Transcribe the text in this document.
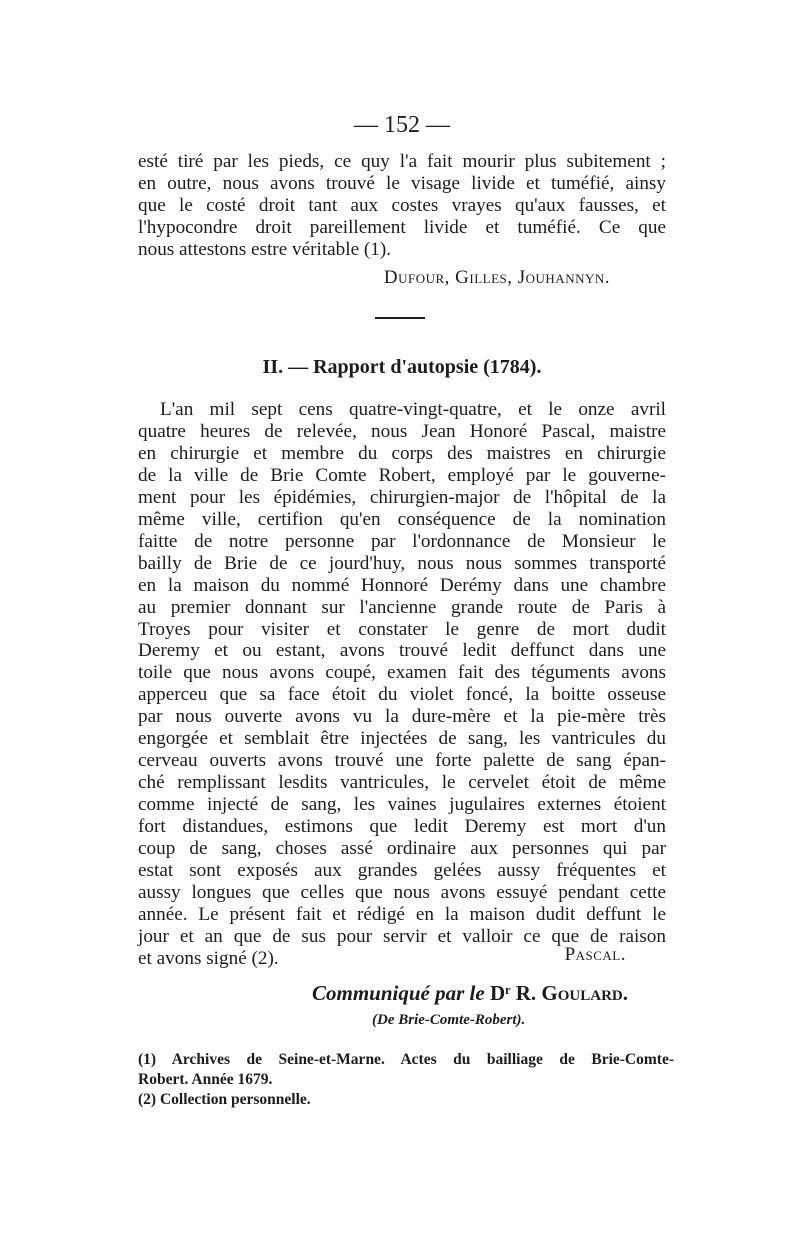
— 152 —

esté tiré par les pieds, ce quy l'a fait mourir plus subitement ;
en outre, nous avons trouvé le visage livide et tuméfié, ainsy
que le costé droit tant aux costes vrayes qu'aux fausses, et
l'hypocondre droit pareillement livide et tuméfié. Ce que
nous attestons estre véritable (1).

Dufour, Gilles, Jouhannyn.
II. — Rapport d'autopsie (1784).

L'an mil sept cens quatre-vingt-quatre, et le onze avril
quatre heures de relevée, nous Jean Honoré Pascal, maistre
en chirurgie et membre du corps des maistres en chirurgie
de la ville de Brie Comte Robert, employé par le gouverne-
ment pour les épidémies, chirurgien-major de l'hôpital de la
même ville, certifion qu'en conséquence de la nomination
faitte de notre personne par l'ordonnance de Monsieur le
bailly de Brie de ce jourd'huy, nous nous sommes transporté
en la maison du nommé Honnoré Derémy dans une chambre
au premier donnant sur l'ancienne grande route de Paris à
Troyes pour visiter et constater le genre de mort dudit
Deremy et ou estant, avons trouvé ledit deffunct dans une
toile que nous avons coupé, examen fait des téguments avons
apperceu que sa face étoit du violet foncé, la boitte osseuse
par nous ouverte avons vu la dure-mère et la pie-mère très
engorgée et semblait être injectées de sang, les vantricules du
cerveau ouverts avons trouvé une forte palette de sang épan-
ché remplissant lesdits vantricules, le cervelet étoit de même
comme injecté de sang, les vaines jugulaires externes étoient
fort distandues, estimons que ledit Deremy est mort d'un
coup de sang, choses assé ordinaire aux personnes qui par
estat sont exposés aux grandes gelées aussy fréquentes et
aussy longues que celles que nous avons essuyé pendant cette
année. Le présent fait et rédigé en la maison dudit deffunt le
jour et an que de sus pour servir et valloir ce que de raison
et avons signé (2).	Pascal.
Communiqué par le Dʳ R. Goulard.
(De Brie-Comte-Robert).
(1) Archives de Seine-et-Marne. Actes du bailliage de Brie-Comte-
Robert. Année 1679.
(2) Collection personnelle.
